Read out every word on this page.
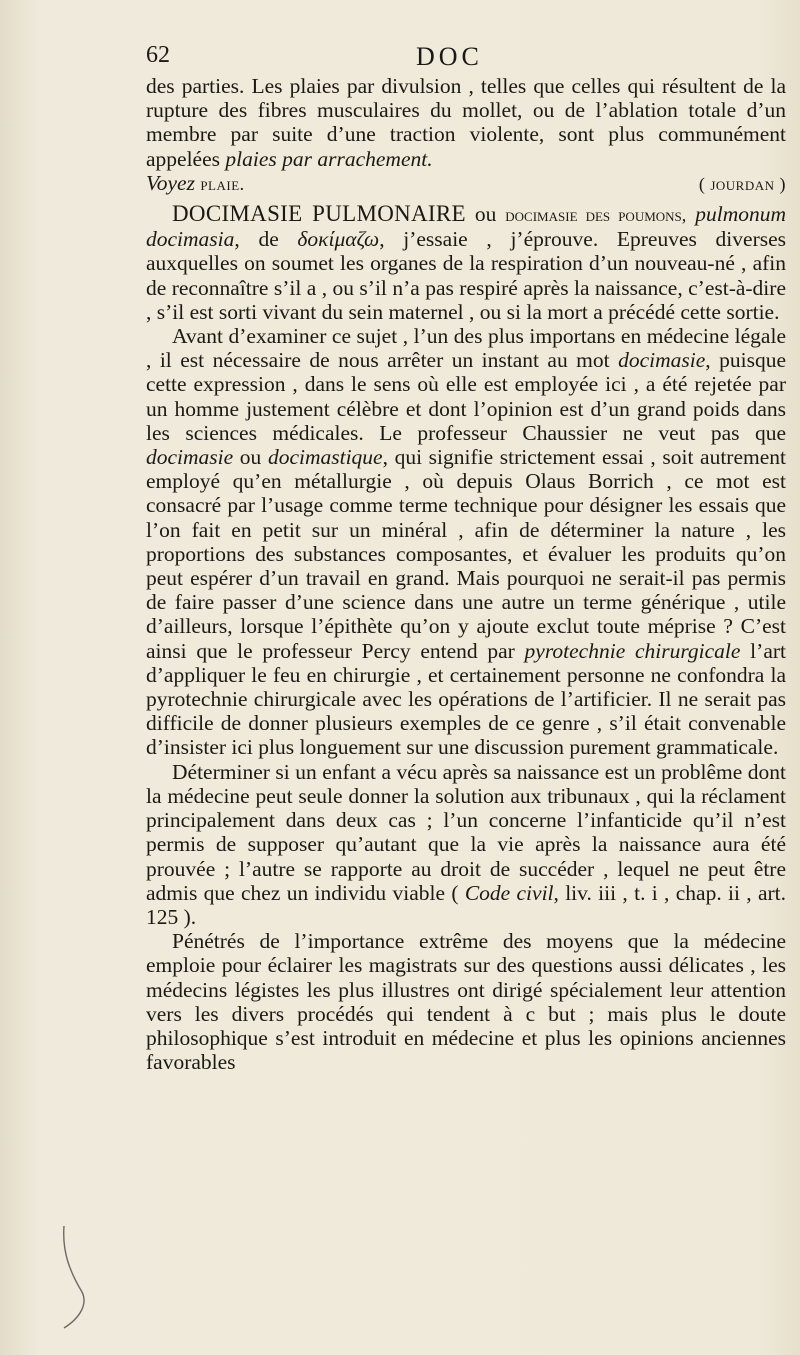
62	DOC

des parties. Les plaies par divulsion , telles que celles qui résultent de la rupture des fibres musculaires du mollet, ou de l’ablation totale d’un membre par suite d’une traction violente, sont plus communément appelées plaies par arrachement.

Voyez plaie.	( jourdan )

DOCIMASIE PULMONAIRE ou docimasie des poumons, pulmonum docimasia, de δοκίμαζω, j’essaie , j’éprouve. Epreuves diverses auxquelles on soumet les organes de la respiration d’un nouveau-né , afin de reconnaître s’il a , ou s’il n’a pas respiré après la naissance, c’est-à-dire , s’il est sorti vivant du sein maternel , ou si la mort a précédé cette sortie.

Avant d’examiner ce sujet , l’un des plus importans en médecine légale , il est nécessaire de nous arrêter un instant au mot docimasie, puisque cette expression , dans le sens où elle est employée ici , a été rejetée par un homme justement célèbre et dont l’opinion est d’un grand poids dans les sciences médicales. Le professeur Chaussier ne veut pas que docimasie ou docimastique, qui signifie strictement essai , soit autrement employé qu’en métallurgie , où depuis Olaus Borrich , ce mot est consacré par l’usage comme terme technique pour désigner les essais que l’on fait en petit sur un minéral , afin de déterminer la nature , les proportions des substances composantes, et évaluer les produits qu’on peut espérer d’un travail en grand. Mais pourquoi ne serait-il pas permis de faire passer d’une science dans une autre un terme générique , utile d’ailleurs, lorsque l’épithète qu’on y ajoute exclut toute méprise ? C’est ainsi que le professeur Percy entend par pyrotechnie chirurgicale l’art d’appliquer le feu en chirurgie , et certainement personne ne confondra la pyrotechnie chirurgicale avec les opérations de l’artificier. Il ne serait pas difficile de donner plusieurs exemples de ce genre , s’il était convenable d’insister ici plus longuement sur une discussion purement grammaticale.

Déterminer si un enfant a vécu après sa naissance est un problême dont la médecine peut seule donner la solution aux tribunaux , qui la réclament principalement dans deux cas ; l’un concerne l’infanticide qu’il n’est permis de supposer qu’autant que la vie après la naissance aura été prouvée ; l’autre se rapporte au droit de succéder , lequel ne peut être admis que chez un individu viable ( Code civil, liv. iii , t. i , chap. ii , art. 125 ).

Pénétrés de l’importance extrême des moyens que la médecine emploie pour éclairer les magistrats sur des questions aussi délicates , les médecins légistes les plus illustres ont dirigé spécialement leur attention vers les divers procédés qui tendent à c but ; mais plus le doute philosophique s’est introduit en médecine et plus les opinions anciennes favorables
